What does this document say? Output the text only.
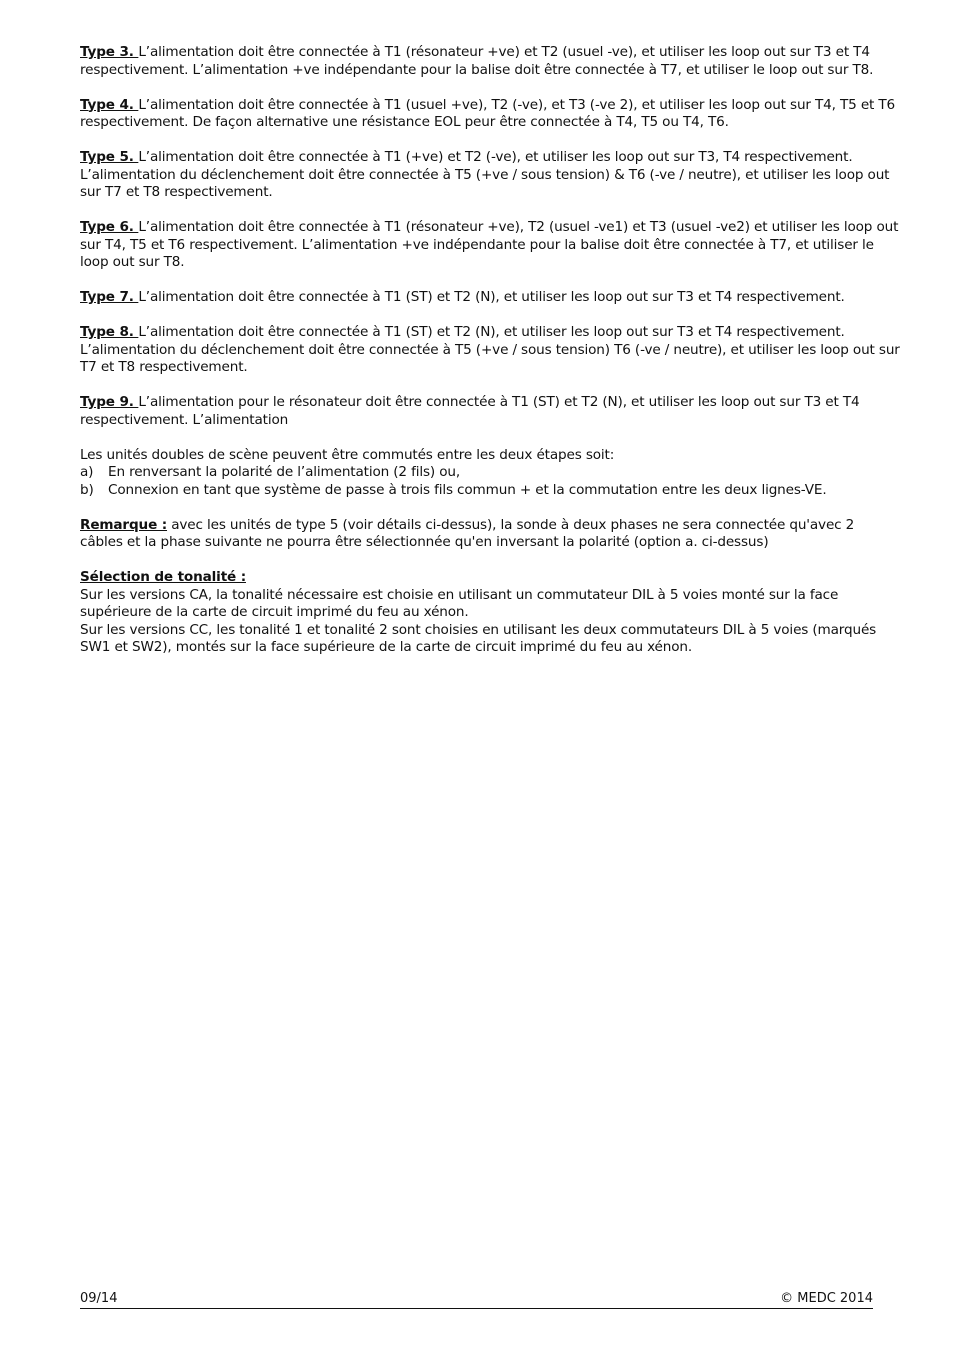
Type 3. L’alimentation doit être connectée à T1 (résonateur +ve) et T2 (usuel -ve), et utiliser les loop out sur T3 et T4 respectivement. L’alimentation +ve indépendante pour la balise doit être connectée à T7, et utiliser le loop out sur T8.

Type 4. L’alimentation doit être connectée à T1 (usuel +ve), T2 (-ve), et T3 (-ve 2), et utiliser les loop out sur T4, T5 et T6 respectivement. De façon alternative une résistance EOL peur être connectée à T4, T5 ou T4, T6.

Type 5. L’alimentation doit être connectée à T1 (+ve) et T2 (-ve), et utiliser les loop out sur T3, T4 respectivement. L’alimentation du déclenchement doit être connectée à T5 (+ve / sous tension) & T6 (-ve / neutre), et utiliser les loop out sur T7 et T8 respectivement.

Type 6. L’alimentation doit être connectée à T1 (résonateur +ve), T2 (usuel -ve1) et T3 (usuel -ve2) et utiliser les loop out sur T4, T5 et T6 respectivement. L’alimentation +ve indépendante pour la balise doit être connectée à T7, et utiliser le loop out sur T8.

Type 7. L’alimentation doit être connectée à T1 (ST) et T2 (N), et utiliser les loop out sur T3 et T4 respectivement.

Type 8. L’alimentation doit être connectée à T1 (ST) et T2 (N), et utiliser les loop out sur T3 et T4 respectivement. L’alimentation du déclenchement doit être connectée à T5 (+ve / sous tension) T6 (-ve / neutre), et utiliser les loop out sur T7 et T8 respectivement.

Type 9. L’alimentation pour le résonateur doit être connectée à T1 (ST) et T2 (N), et utiliser les loop out sur T3 et T4 respectivement. L’alimentation

Les unités doubles de scène peuvent être commutés entre les deux étapes soit:
a)	En renversant la polarité de l’alimentation (2 fils) ou,
b)	Connexion en tant que système de passe à trois fils commun + et la commutation entre les deux lignes-VE.

Remarque : avec les unités de type 5 (voir détails ci-dessus), la sonde à deux phases ne sera connectée qu'avec 2 câbles et la phase suivante ne pourra être sélectionnée qu'en inversant la polarité (option a. ci-dessus)

Sélection de tonalité :
Sur les versions CA, la tonalité nécessaire est choisie en utilisant un commutateur DIL à 5 voies monté sur la face supérieure de la carte de circuit imprimé du feu au xénon.
Sur les versions CC, les tonalité 1 et tonalité 2 sont choisies en utilisant les deux commutateurs DIL à 5 voies (marqués SW1 et SW2), montés sur la face supérieure de la carte de circuit imprimé du feu au xénon.
09/14	© MEDC 2014
